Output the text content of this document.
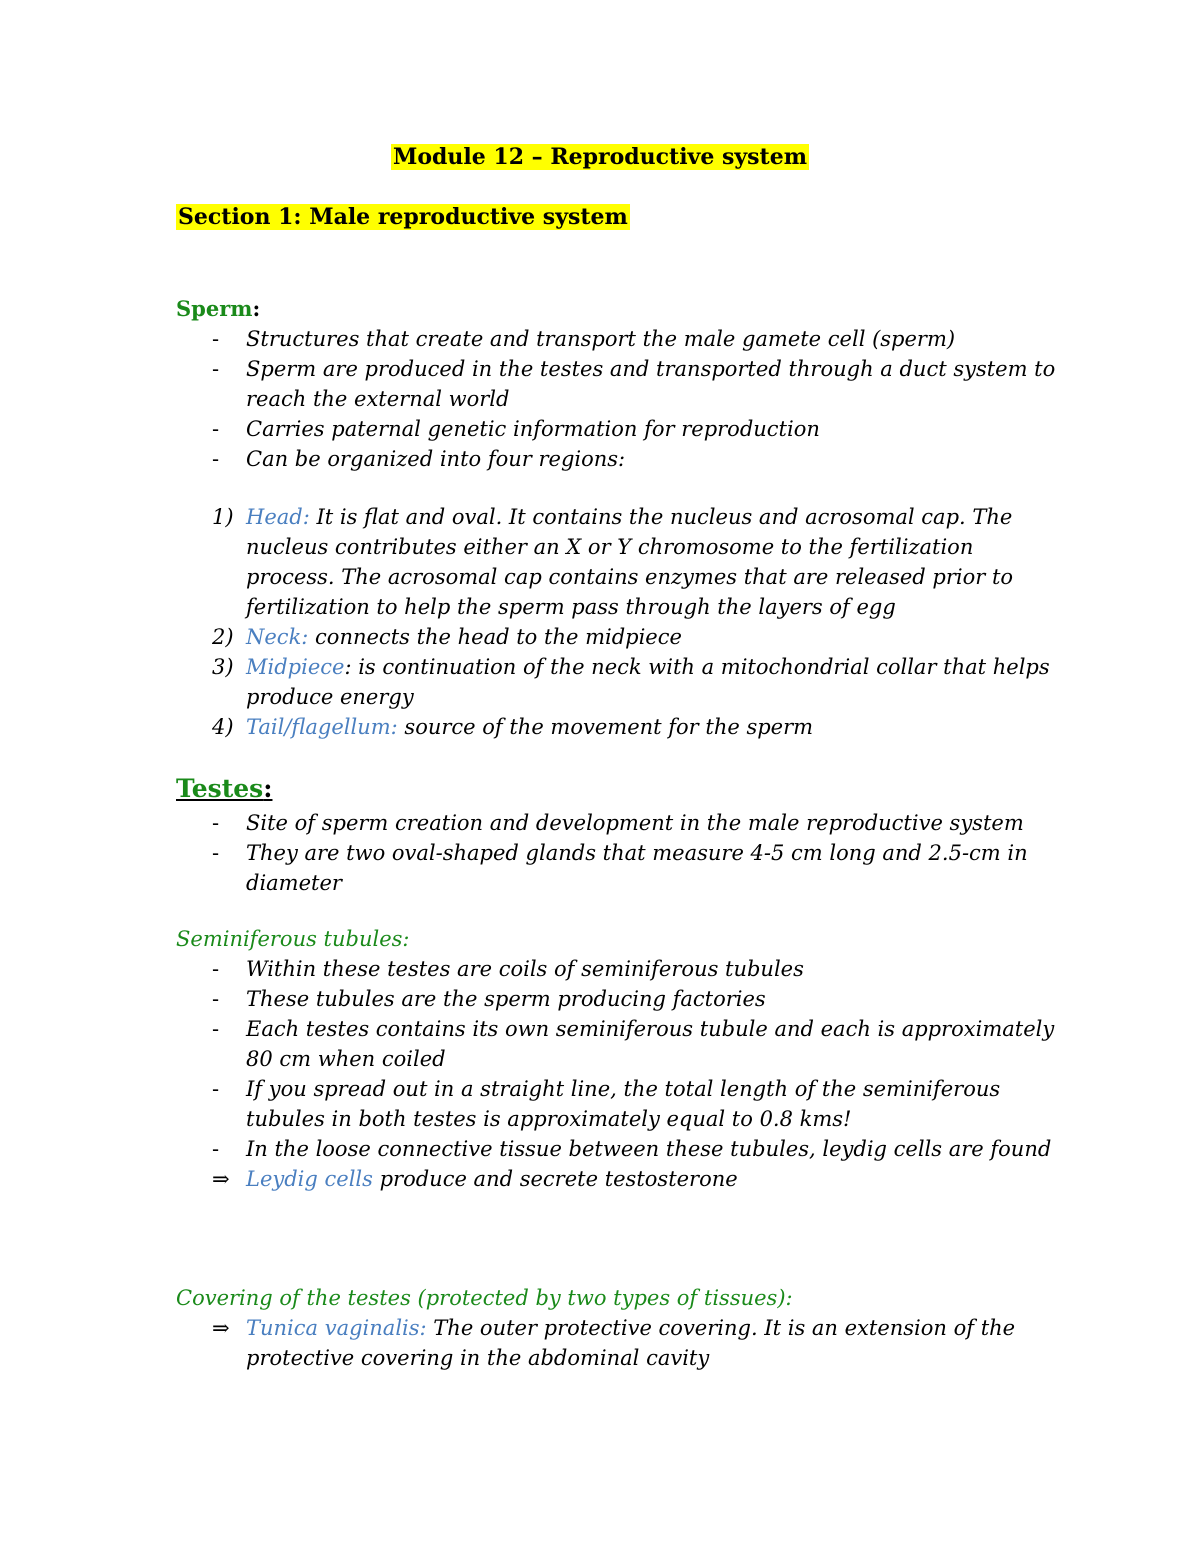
Module 12 – Reproductive system
Section 1: Male reproductive system
Sperm:
- Structures that create and transport the male gamete cell (sperm)
- Sperm are produced in the testes and transported through a duct system to reach the external world
- Carries paternal genetic information for reproduction
- Can be organized into four regions:
1) Head: It is flat and oval. It contains the nucleus and acrosomal cap. The nucleus contributes either an X or Y chromosome to the fertilization process. The acrosomal cap contains enzymes that are released prior to fertilization to help the sperm pass through the layers of egg
2) Neck: connects the head to the midpiece
3) Midpiece: is continuation of the neck with a mitochondrial collar that helps produce energy
4) Tail/flagellum: source of the movement for the sperm
Testes:
- Site of sperm creation and development in the male reproductive system
- They are two oval-shaped glands that measure 4-5 cm long and 2.5-cm in diameter
Seminiferous tubules:
- Within these testes are coils of seminiferous tubules
- These tubules are the sperm producing factories
- Each testes contains its own seminiferous tubule and each is approximately 80 cm when coiled
- If you spread out in a straight line, the total length of the seminiferous tubules in both testes is approximately equal to 0.8 kms!
- In the loose connective tissue between these tubules, leydig cells are found
⇒ Leydig cells produce and secrete testosterone
Covering of the testes (protected by two types of tissues):
⇒ Tunica vaginalis: The outer protective covering. It is an extension of the protective covering in the abdominal cavity
